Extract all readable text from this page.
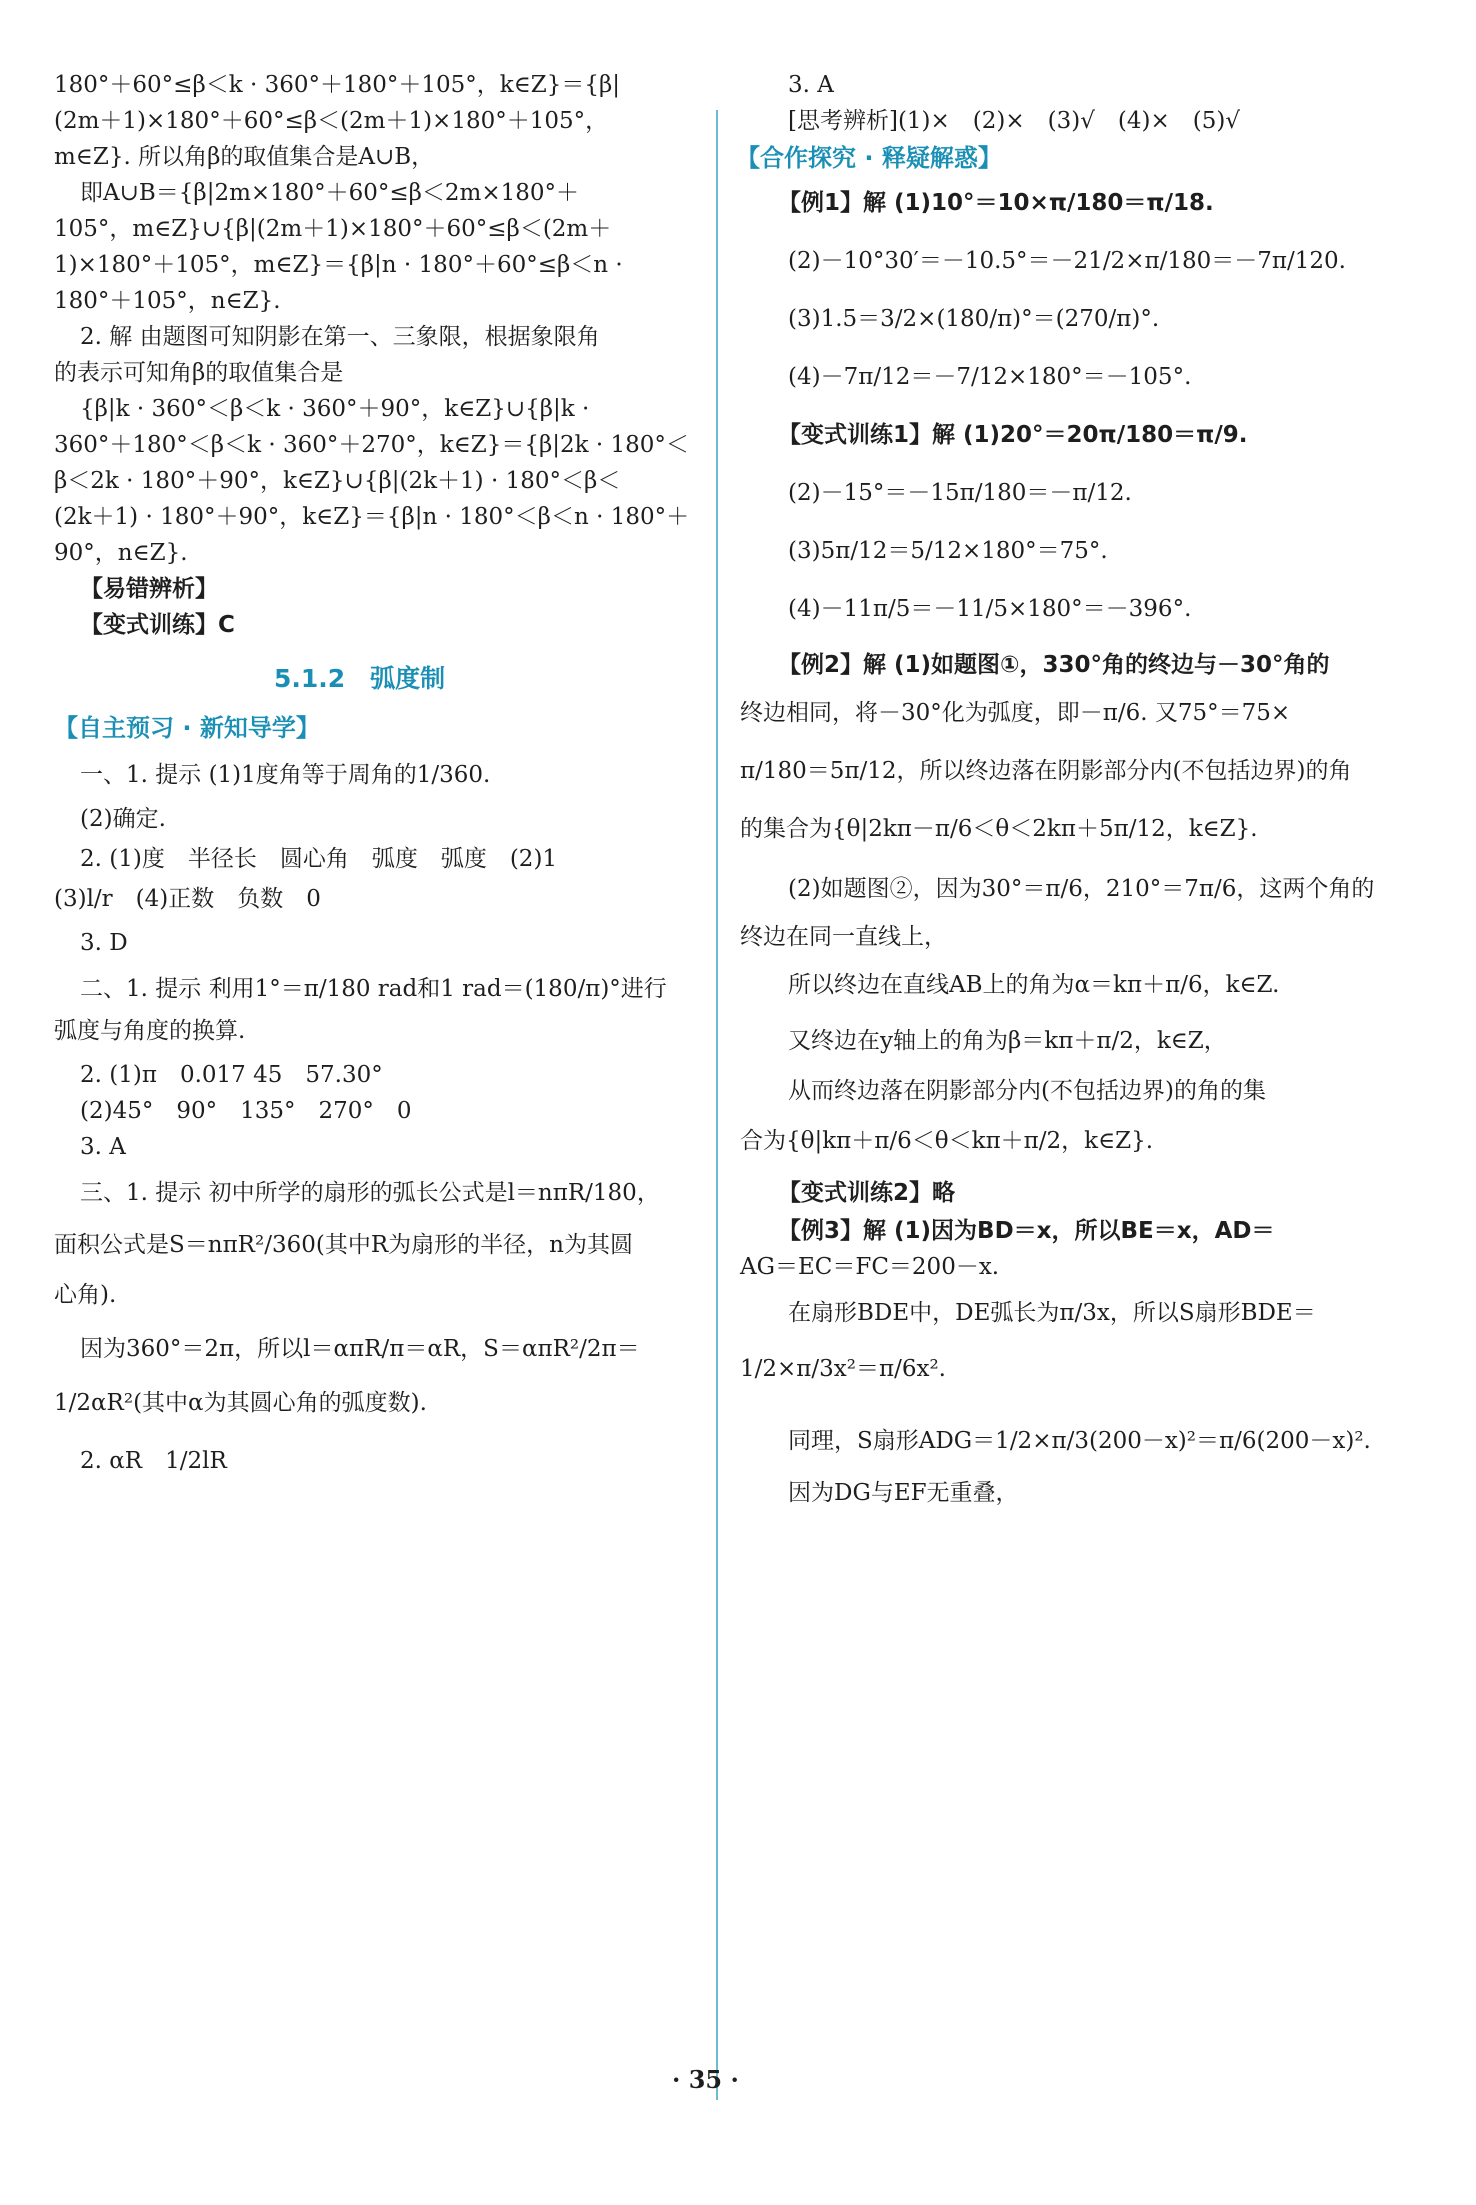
180°＋60°≤β＜k · 360°＋180°＋105°，k∈Z}＝{β|
(2m＋1)×180°＋60°≤β＜(2m＋1)×180°＋105°，
m∈Z}. 所以角β的取值集合是A∪B，
即A∪B＝{β|2m×180°＋60°≤β＜2m×180°＋
105°，m∈Z}∪{β|(2m＋1)×180°＋60°≤β＜(2m＋
1)×180°＋105°，m∈Z}＝{β|n · 180°＋60°≤β＜n ·
180°＋105°，n∈Z}.
2. 解 由题图可知阴影在第一、三象限，根据象限角
的表示可知角β的取值集合是
{β|k · 360°＜β＜k · 360°＋90°，k∈Z}∪{β|k ·
360°＋180°＜β＜k · 360°＋270°，k∈Z}＝{β|2k · 180°＜
β＜2k · 180°＋90°，k∈Z}∪{β|(2k＋1) · 180°＜β＜
(2k＋1) · 180°＋90°，k∈Z}＝{β|n · 180°＜β＜n · 180°＋
90°，n∈Z}.
【易错辨析】
【变式训练】C
5.1.2　弧度制
【自主预习 · 新知导学】
一、1. 提示 (1)1度角等于周角的1/360.
(2)确定.
2. (1)度　半径长　圆心角　弧度　弧度　(2)1
(3)l/r　(4)正数　负数　0
3. D
二、1. 提示 利用1°＝π/180 rad和1 rad＝(180/π)°进行
弧度与角度的换算.
2. (1)π　0.017 45　57.30°
(2)45°　90°　135°　270°　0
3. A
三、1. 提示 初中所学的扇形的弧长公式是l＝nπR/180，
面积公式是S＝nπR²/360(其中R为扇形的半径，n为其圆
心角).
因为360°＝2π，所以l＝απR/π＝αR，S＝απR²/2π＝
1/2αR²(其中α为其圆心角的弧度数).
2. αR　1/2lR
3. A
[思考辨析](1)×　(2)×　(3)√　(4)×　(5)√
【合作探究 · 释疑解惑】
【例1】解 (1)10°＝10×π/180＝π/18.
(2)－10°30′＝－10.5°＝－21/2×π/180＝－7π/120.
(3)1.5＝3/2×(180/π)°＝(270/π)°.
(4)－7π/12＝－7/12×180°＝－105°.
【变式训练1】解 (1)20°＝20π/180＝π/9.
(2)－15°＝－15π/180＝－π/12.
(3)5π/12＝5/12×180°＝75°.
(4)－11π/5＝－11/5×180°＝－396°.
【例2】解 (1)如题图①，330°角的终边与－30°角的
终边相同，将－30°化为弧度，即－π/6. 又75°＝75×
π/180＝5π/12，所以终边落在阴影部分内(不包括边界)的角
的集合为{θ|2kπ－π/6＜θ＜2kπ＋5π/12，k∈Z}.
(2)如题图②，因为30°＝π/6，210°＝7π/6，这两个角的
终边在同一直线上，
所以终边在直线AB上的角为α＝kπ＋π/6，k∈Z.
又终边在y轴上的角为β＝kπ＋π/2，k∈Z，
从而终边落在阴影部分内(不包括边界)的角的集
合为{θ|kπ＋π/6＜θ＜kπ＋π/2，k∈Z}.
【变式训练2】略
【例3】解 (1)因为BD＝x，所以BE＝x，AD＝
AG＝EC＝FC＝200－x.
在扇形BDE中，DE弧长为π/3x，所以S扇形BDE＝
1/2×π/3x²＝π/6x².
同理，S扇形ADG＝1/2×π/3(200－x)²＝π/6(200－x)².
因为DG与EF无重叠，
· 35 ·
